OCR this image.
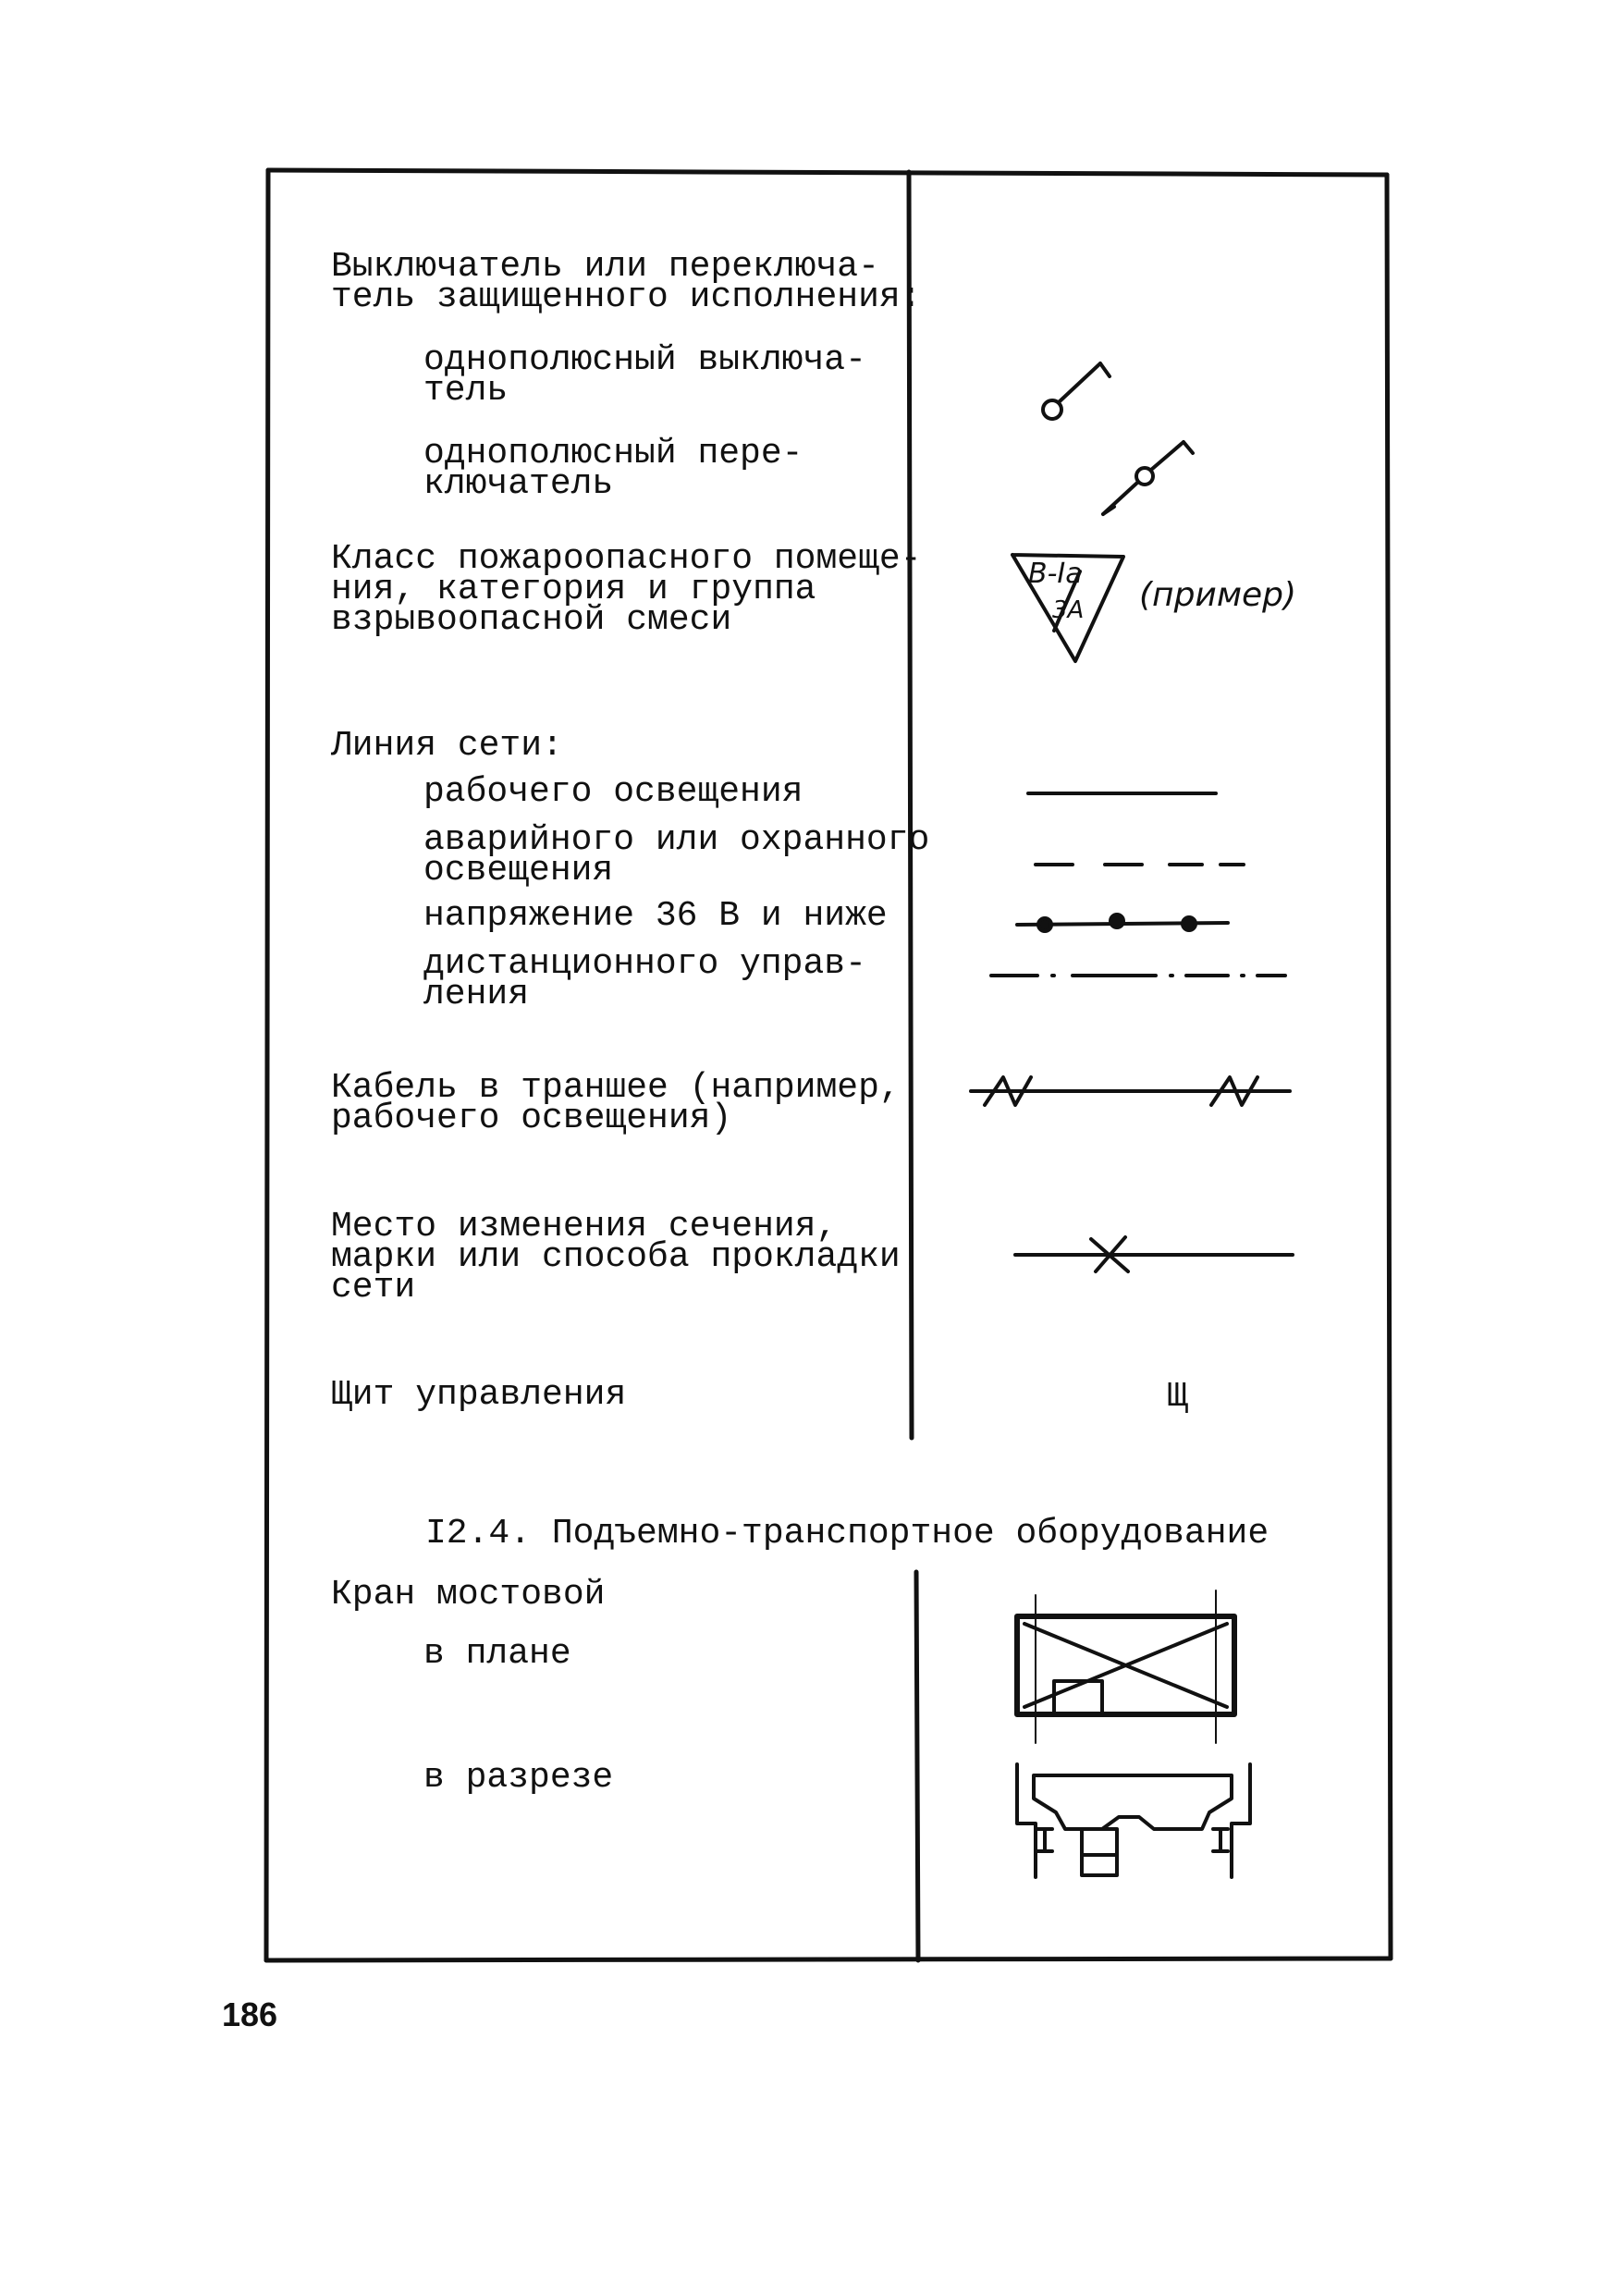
Выключатель или переключа-
тель защищенного исполнения:
однополюсный выключа-
тель
однополюсный пере-
ключатель
Класс пожароопасного помеще-
ния, категория и группа
взрывоопасной смеси
В-Iа
3А (пример)
Линия сети:
рабочего освещения
аварийного или охранного
освещения
напряжение 36 В и ниже
дистанционного управ-
ления
Кабель в траншее (например,
рабочего освещения)
Место изменения сечения,
марки или способа прокладки
сети
Щит управления	Щ
I2.4. Подъемно-транспортное оборудование
Кран мостовой
в плане
в разрезе
186
